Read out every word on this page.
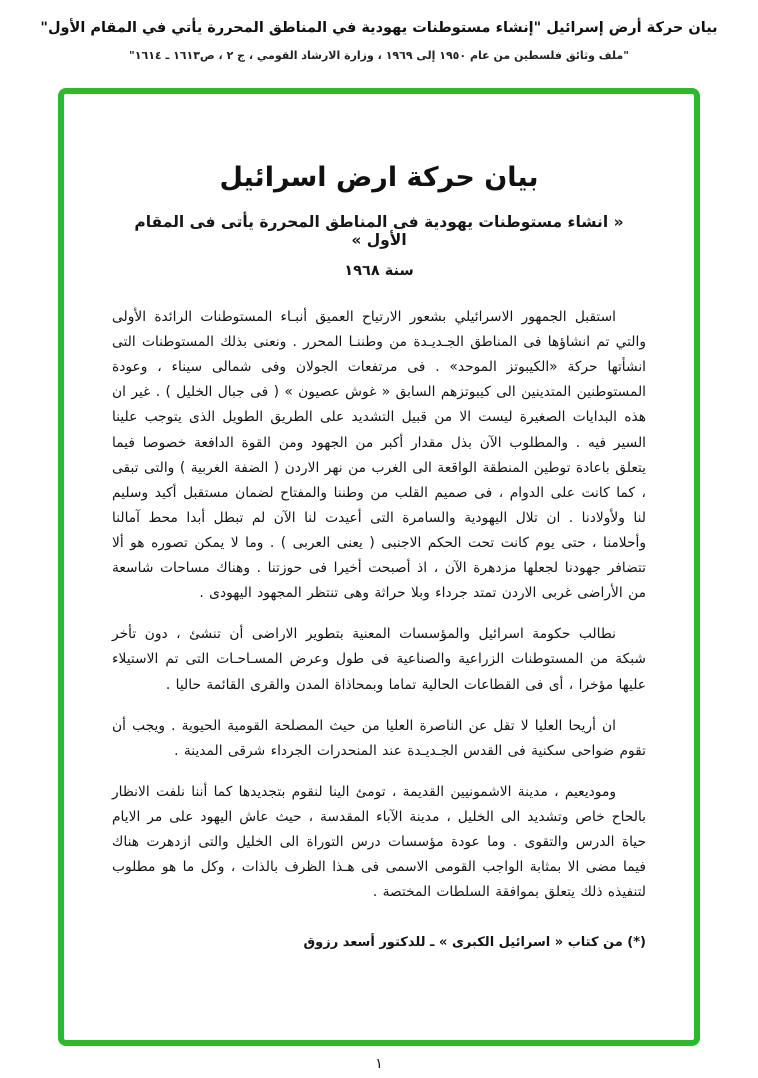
بيان حركة أرض إسرائيل "إنشاء مستوطنات يهودية في المناطق المحررة يأتي في المقام الأول"
"ملف وثائق فلسطين من عام ١٩٥٠ إلى ١٩٦٩ ، وزارة الارشاد القومي ، ج ٢ ، ص١٦١٣ ـ ١٦١٤"
بيان حركة ارض اسرائيل
« انشاء مستوطنات يهودية فى المناطق المحررة يأتى فى المقام الأول »
سنة ١٩٦٨

استقبل الجمهور الاسرائيلي بشعور الارتياح العميق أنبـاء المستوطنات الرائدة الأولى والتي تم انشاؤها فى المناطق الجـديـدة من وطننـا المحرر . ونعنى بذلك المستوطنات التى انشأتها حركة «الكيبوتز الموحد» . فى مرتفعات الجولان وفى شمالى سيناء ، وعودة المستوطنين المتدينين الى كيبوتزهم السابق « غوش عصيون » ( فى جبال الخليل ) . غير ان هذه البدايات الصغيرة ليست الا من قبيل التشديد على الطريق الطويل الذى يتوجب علينا السير فيه . والمطلوب الآن بذل مقدار أكبر من الجهود ومن القوة الدافعة خصوصا فيما يتعلق باعادة توطين المنطقة الواقعة الى الغرب من نهر الاردن ( الضفة الغربية ) والتى تبقى ، كما كانت على الدوام ، فى صميم القلب من وطننا والمفتاح لضمان مستقبل أكيد وسليم لنا ولأولادنا . ان تلال اليهودية والسامرة التى أعيدت لنا الآن لم تبطل أبدا محط آمالنا وأحلامنا ، حتى يوم كانت تحت الحكم الاجنبى ( يعنى العربى ) . وما لا يمكن تصوره هو ألا تتضافر جهودنا لجعلها مزدهرة الآن ، اذ أصبحت أخيرا فى حوزتنا . وهناك مساحات شاسعة من الأراضى غربى الاردن تمتد جرداء وبلا حراثة وهى تنتظر المجهود اليهودى .

نطالب حكومة اسرائيل والمؤسسات المعنية بتطوير الاراضى أن تنشئ ، دون تأخر شبكة من المستوطنات الزراعية والصناعية فى طول وعرض المسـاحـات التى تم الاستيلاء عليها مؤخرا ، أى فى القطاعات الحالية تماما وبمحاذاة المدن والقرى القائمة حاليا .

ان أريحا العليا لا تقل عن الناصرة العليا من حيث المصلحة القومية الحيوية . ويجب أن تقوم ضواحى سكنية فى القدس الجـديـدة عند المنحدرات الجرداء شرقى المدينة .

وموديعيم ، مدينة الاشمونيين القديمة ، تومئ الينا لنقوم بتجديدها كما أننا نلفت الانظار بالحاح خاص وتشديد الى الخليل ، مدينة الآباء المقدسة ، حيث عاش اليهود على مر الايام حياة الدرس والتقوى . وما عودة مؤسسات درس التوراة الى الخليل والتى ازدهرت هناك فيما مضى الا بمثابة الواجب القومى الاسمى فى هـذا الظرف بالذات ، وكل ما هو مطلوب لتنفيذه ذلك يتعلق بموافقة السلطات المختصة .

(*) من كتاب « اسرائيل الكبرى » ـ للدكتور أسعد رزوق
١
